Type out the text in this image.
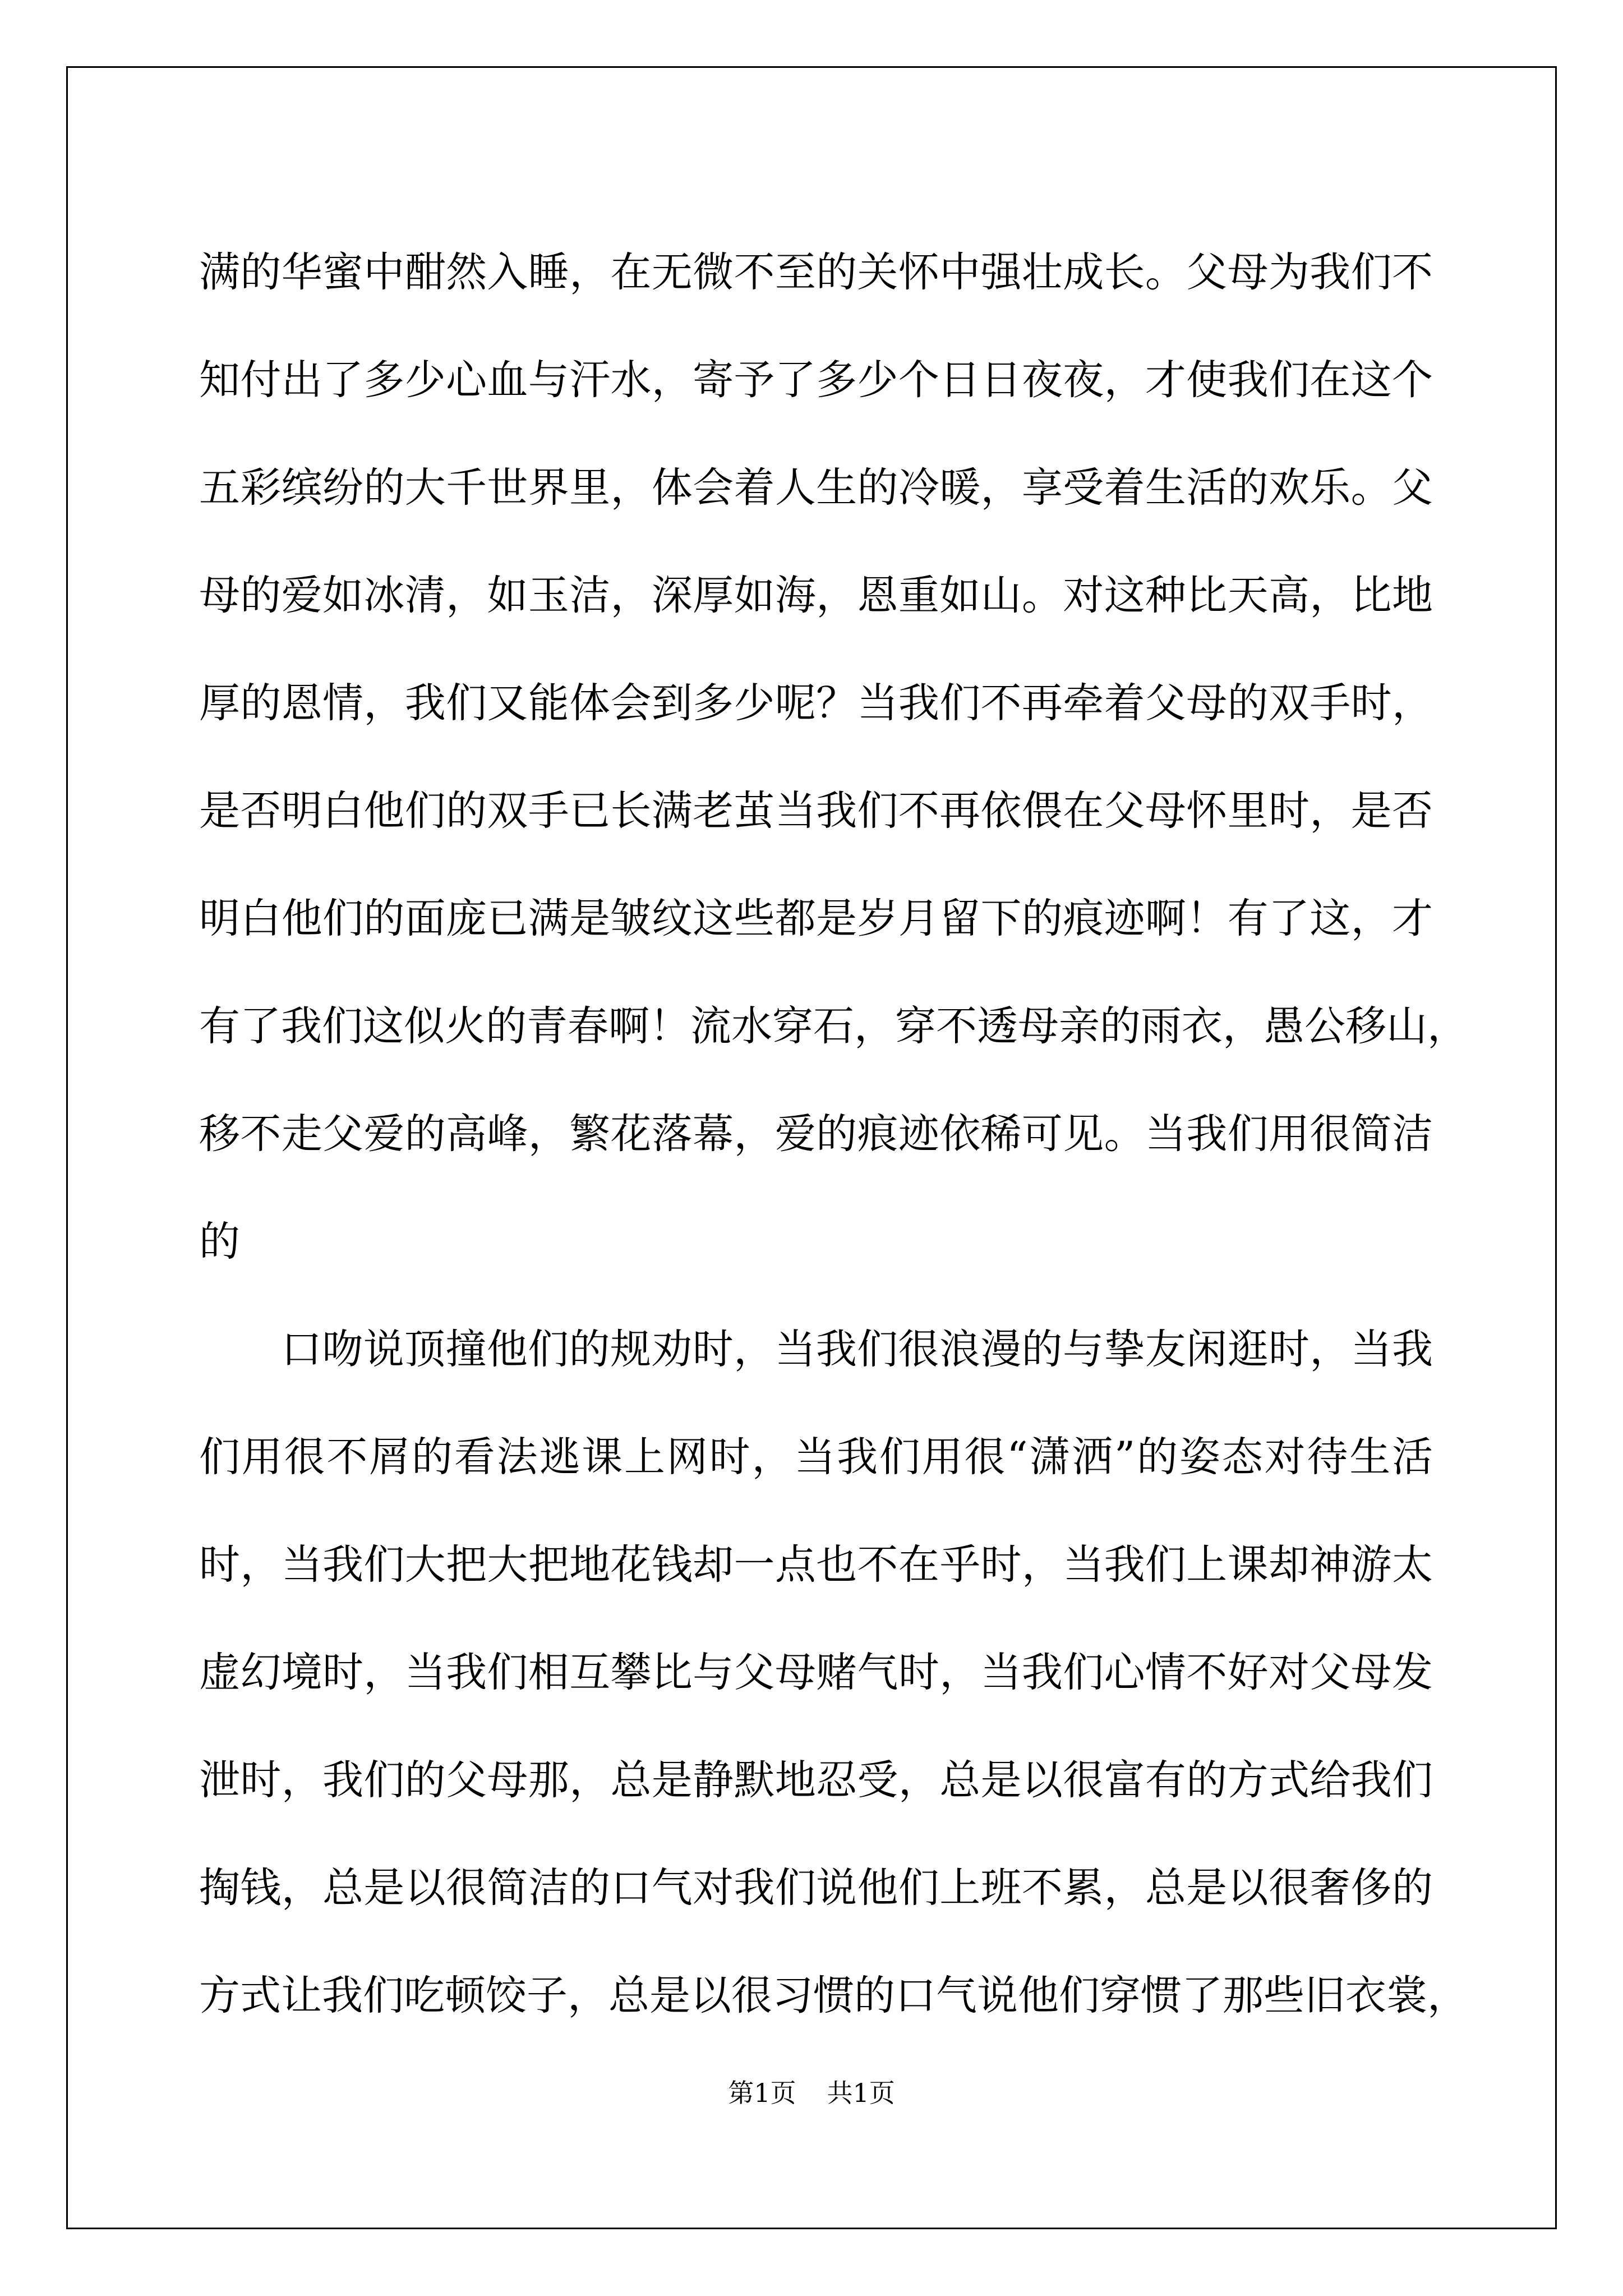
满的华蜜中酣然入睡，在无微不至的关怀中强壮成长。父母为我们不
知付出了多少心血与汗水，寄予了多少个日日夜夜，才使我们在这个
五彩缤纷的大千世界里，体会着人生的冷暖，享受着生活的欢乐。父
母的爱如冰清，如玉洁，深厚如海，恩重如山。对这种比天高，比地
厚的恩情，我们又能体会到多少呢？当我们不再牵着父母的双手时，
是否明白他们的双手已长满老茧当我们不再依偎在父母怀里时，是否
明白他们的面庞已满是皱纹这些都是岁月留下的痕迹啊！有了这，才
有了我们这似火的青春啊！流水穿石，穿不透母亲的雨衣，愚公移山，
移不走父爱的高峰，繁花落幕，爱的痕迹依稀可见。当我们用很简洁
的
口吻说顶撞他们的规劝时，当我们很浪漫的与挚友闲逛时，当我
们用很不屑的看法逃课上网时，当我们用很“潇洒”的姿态对待生活
时，当我们大把大把地花钱却一点也不在乎时，当我们上课却神游太
虚幻境时，当我们相互攀比与父母赌气时，当我们心情不好对父母发
泄时，我们的父母那，总是静默地忍受，总是以很富有的方式给我们
掏钱，总是以很简洁的口气对我们说他们上班不累，总是以很奢侈的
方式让我们吃顿饺子，总是以很习惯的口气说他们穿惯了那些旧衣裳，
第1页 共1页
